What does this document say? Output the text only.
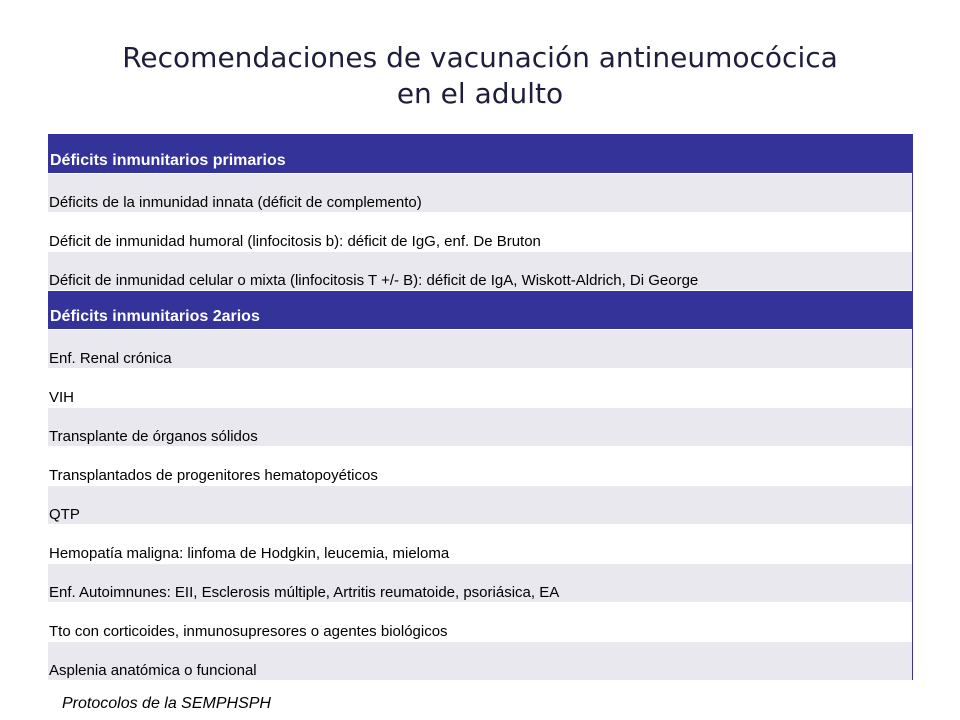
Recomendaciones de vacunación antineumocócica
en el adulto
Déficits inmunitarios primarios
Déficits de la inmunidad innata (déficit de complemento)
Déficit de inmunidad humoral (linfocitosis b): déficit de IgG, enf. De Bruton
Déficit de inmunidad celular o mixta (linfocitosis T +/- B): déficit de IgA, Wiskott-Aldrich, Di George
Déficits inmunitarios 2arios
Enf. Renal crónica
VIH
Transplante de órganos sólidos
Transplantados de progenitores hematopoyéticos
QTP
Hemopatía maligna: linfoma de Hodgkin, leucemia, mieloma
Enf. Autoimnunes: EII, Esclerosis múltiple, Artritis reumatoide, psoriásica, EA
Tto con corticoides, inmunosupresores o agentes biológicos
Asplenia anatómica o funcional
Protocolos de la SEMPHSPH
